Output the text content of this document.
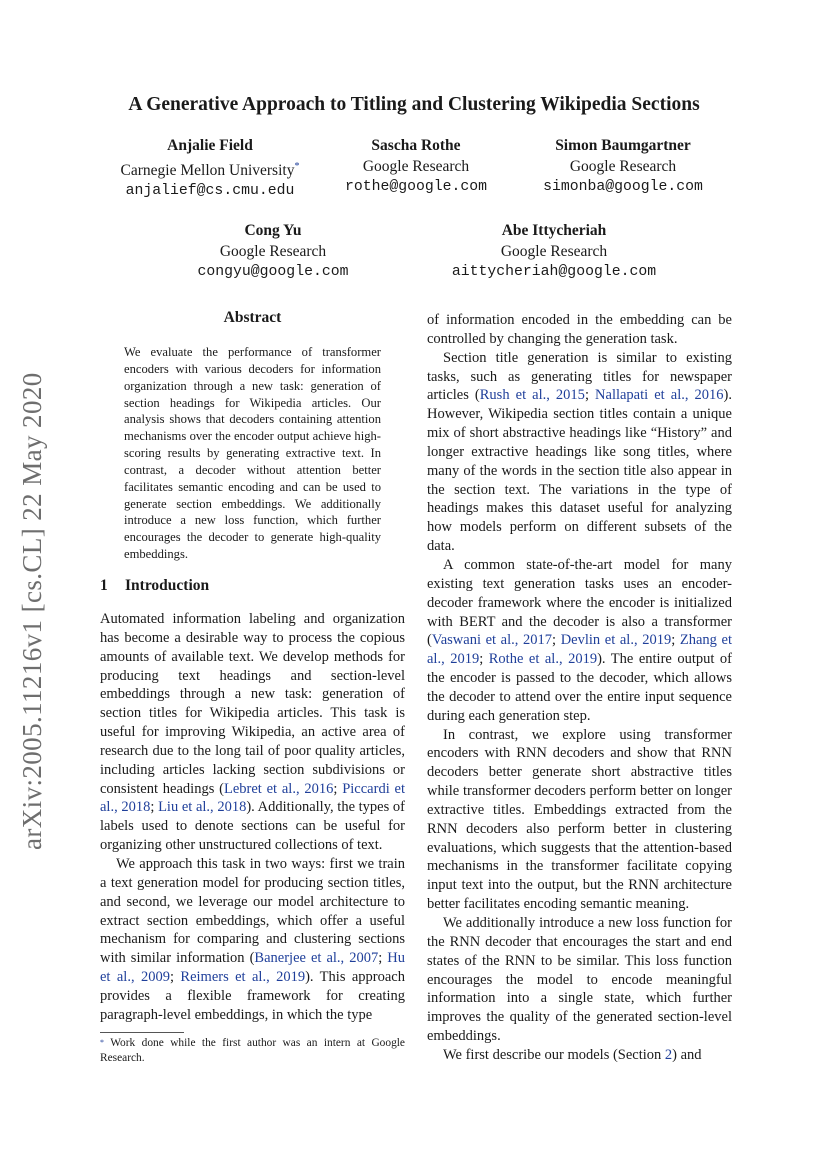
arXiv:2005.11216v1 [cs.CL] 22 May 2020
A Generative Approach to Titling and Clustering Wikipedia Sections
Anjalie Field
Carnegie Mellon University*
anjalief@cs.cmu.edu
Sascha Rothe
Google Research
rothe@google.com
Simon Baumgartner
Google Research
simonba@google.com
Cong Yu
Google Research
congyu@google.com
Abe Ittycheriah
Google Research
aittycheriah@google.com
Abstract

We evaluate the performance of transformer encoders with various decoders for information organization through a new task: generation of section headings for Wikipedia articles. Our analysis shows that decoders containing attention mechanisms over the encoder output achieve high-scoring results by generating extractive text. In contrast, a decoder without attention better facilitates semantic encoding and can be used to generate section embeddings. We additionally introduce a new loss function, which further encourages the decoder to generate high-quality embeddings.

1 Introduction

Automated information labeling and organization has become a desirable way to process the copious amounts of available text. We develop methods for producing text headings and section-level embeddings through a new task: generation of section titles for Wikipedia articles. This task is useful for improving Wikipedia, an active area of research due to the long tail of poor quality articles, including articles lacking section subdivisions or consistent headings (Lebret et al., 2016; Piccardi et al., 2018; Liu et al., 2018). Additionally, the types of labels used to denote sections can be useful for organizing other unstructured collections of text.

We approach this task in two ways: first we train a text generation model for producing section titles, and second, we leverage our model architecture to extract section embeddings, which offer a useful mechanism for comparing and clustering sections with similar information (Banerjee et al., 2007; Hu et al., 2009; Reimers et al., 2019). This approach provides a flexible framework for creating paragraph-level embeddings, in which the type

* Work done while the first author was an intern at Google Research.

of information encoded in the embedding can be controlled by changing the generation task.

Section title generation is similar to existing tasks, such as generating titles for newspaper articles (Rush et al., 2015; Nallapati et al., 2016). However, Wikipedia section titles contain a unique mix of short abstractive headings like “History” and longer extractive headings like song titles, where many of the words in the section title also appear in the section text. The variations in the type of headings makes this dataset useful for analyzing how models perform on different subsets of the data.

A common state-of-the-art model for many existing text generation tasks uses an encoder-decoder framework where the encoder is initialized with BERT and the decoder is also a transformer (Vaswani et al., 2017; Devlin et al., 2019; Zhang et al., 2019; Rothe et al., 2019). The entire output of the encoder is passed to the decoder, which allows the decoder to attend over the entire input sequence during each generation step.

In contrast, we explore using transformer encoders with RNN decoders and show that RNN decoders better generate short abstractive titles while transformer decoders perform better on longer extractive titles. Embeddings extracted from the RNN decoders also perform better in clustering evaluations, which suggests that the attention-based mechanisms in the transformer facilitate copying input text into the output, but the RNN architecture better facilitates encoding semantic meaning.

We additionally introduce a new loss function for the RNN decoder that encourages the start and end states of the RNN to be similar. This loss function encourages the model to encode meaningful information into a single state, which further improves the quality of the generated section-level embeddings.

We first describe our models (Section 2) and
